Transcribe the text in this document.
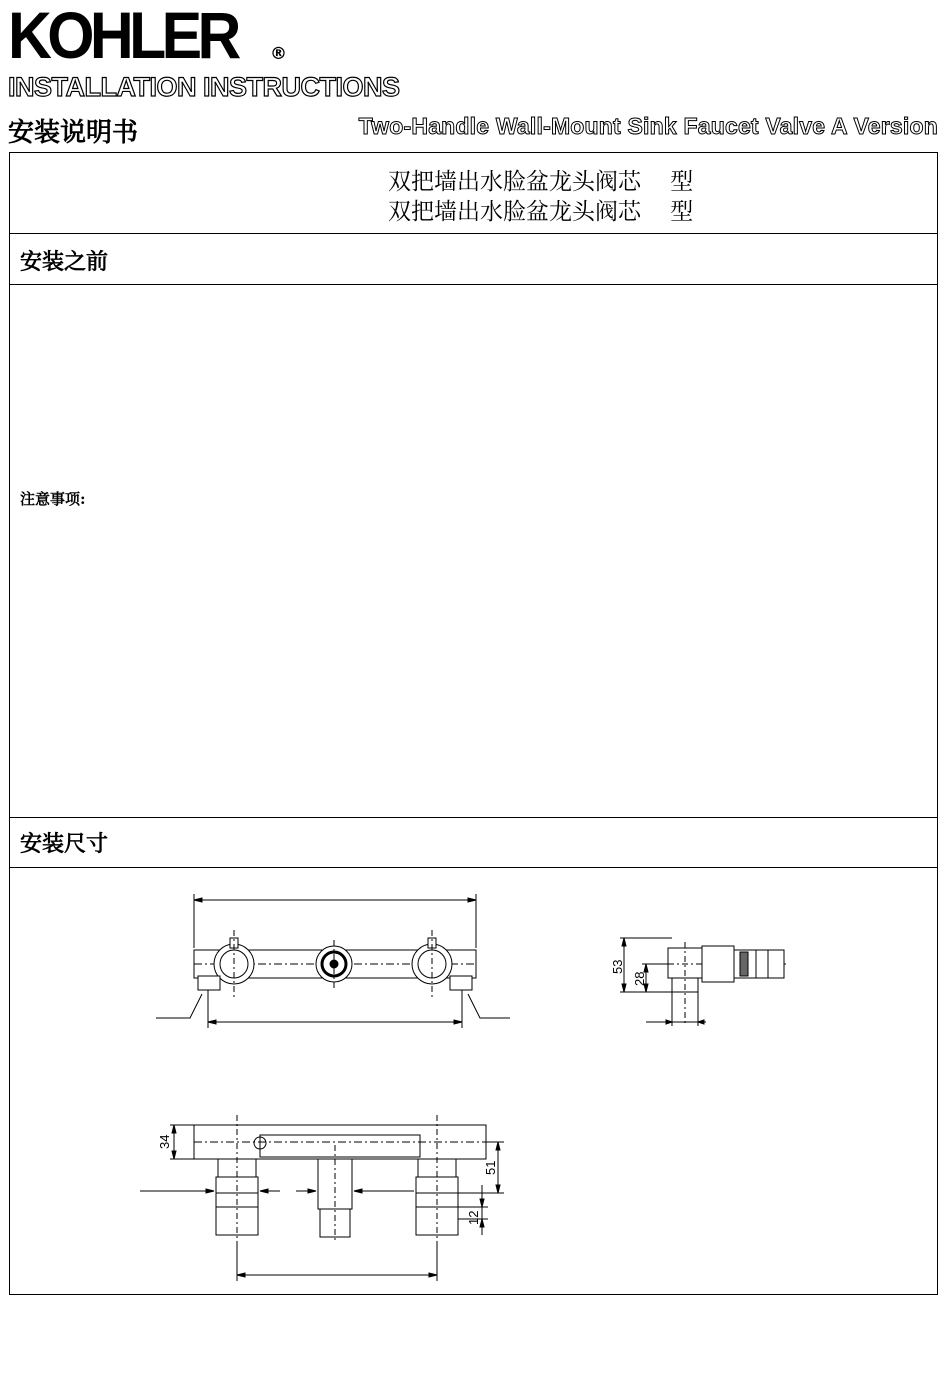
KOHLER ®
INSTALLATION INSTRUCTIONS
安装说明书	Two-Handle Wall-Mount Sink Faucet Valve A Version
双把墙出水脸盆龙头阀芯    型
双把墙出水脸盆龙头阀芯    型
安装之前
注意事项:
安装尺寸
53
28
34
51
12
